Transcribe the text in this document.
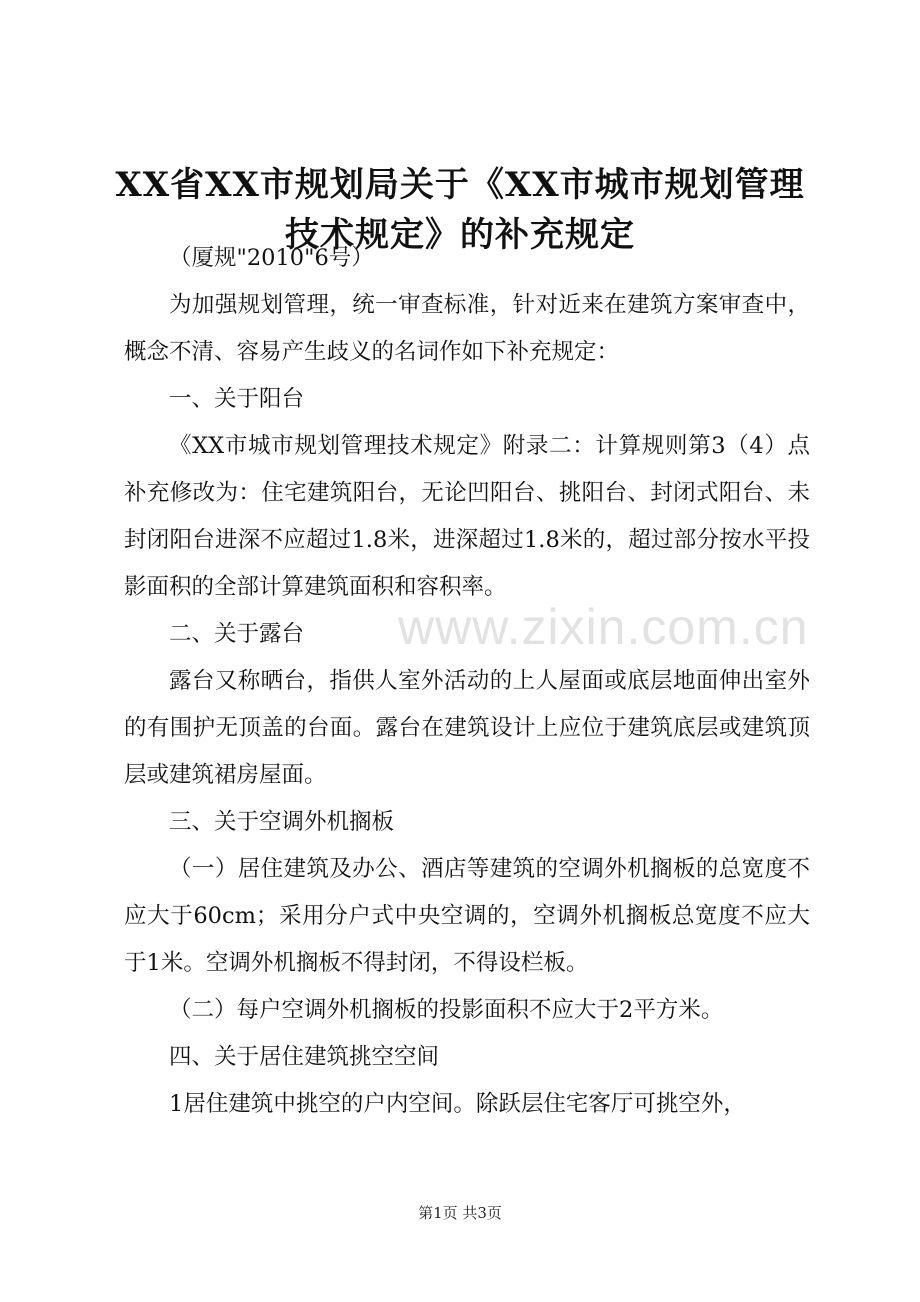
XX省XX市规划局关于《XX市城市规划管理技术规定》的补充规定

（厦规"2010"6号）

为加强规划管理，统一审查标准，针对近来在建筑方案审查中，概念不清、容易产生歧义的名词作如下补充规定：

一、关于阳台

《XX市城市规划管理技术规定》附录二：计算规则第3（4）点补充修改为：住宅建筑阳台，无论凹阳台、挑阳台、封闭式阳台、未封闭阳台进深不应超过1.8米，进深超过1.8米的，超过部分按水平投影面积的全部计算建筑面积和容积率。

二、关于露台

露台又称晒台，指供人室外活动的上人屋面或底层地面伸出室外的有围护无顶盖的台面。露台在建筑设计上应位于建筑底层或建筑顶层或建筑裙房屋面。

三、关于空调外机搁板

（一）居住建筑及办公、酒店等建筑的空调外机搁板的总宽度不应大于60cm；采用分户式中央空调的，空调外机搁板总宽度不应大于1米。空调外机搁板不得封闭，不得设栏板。

（二）每户空调外机搁板的投影面积不应大于2平方米。

四、关于居住建筑挑空空间

1居住建筑中挑空的户内空间。除跃层住宅客厅可挑空外，

www.zixin.com.cn
第1页 共3页
